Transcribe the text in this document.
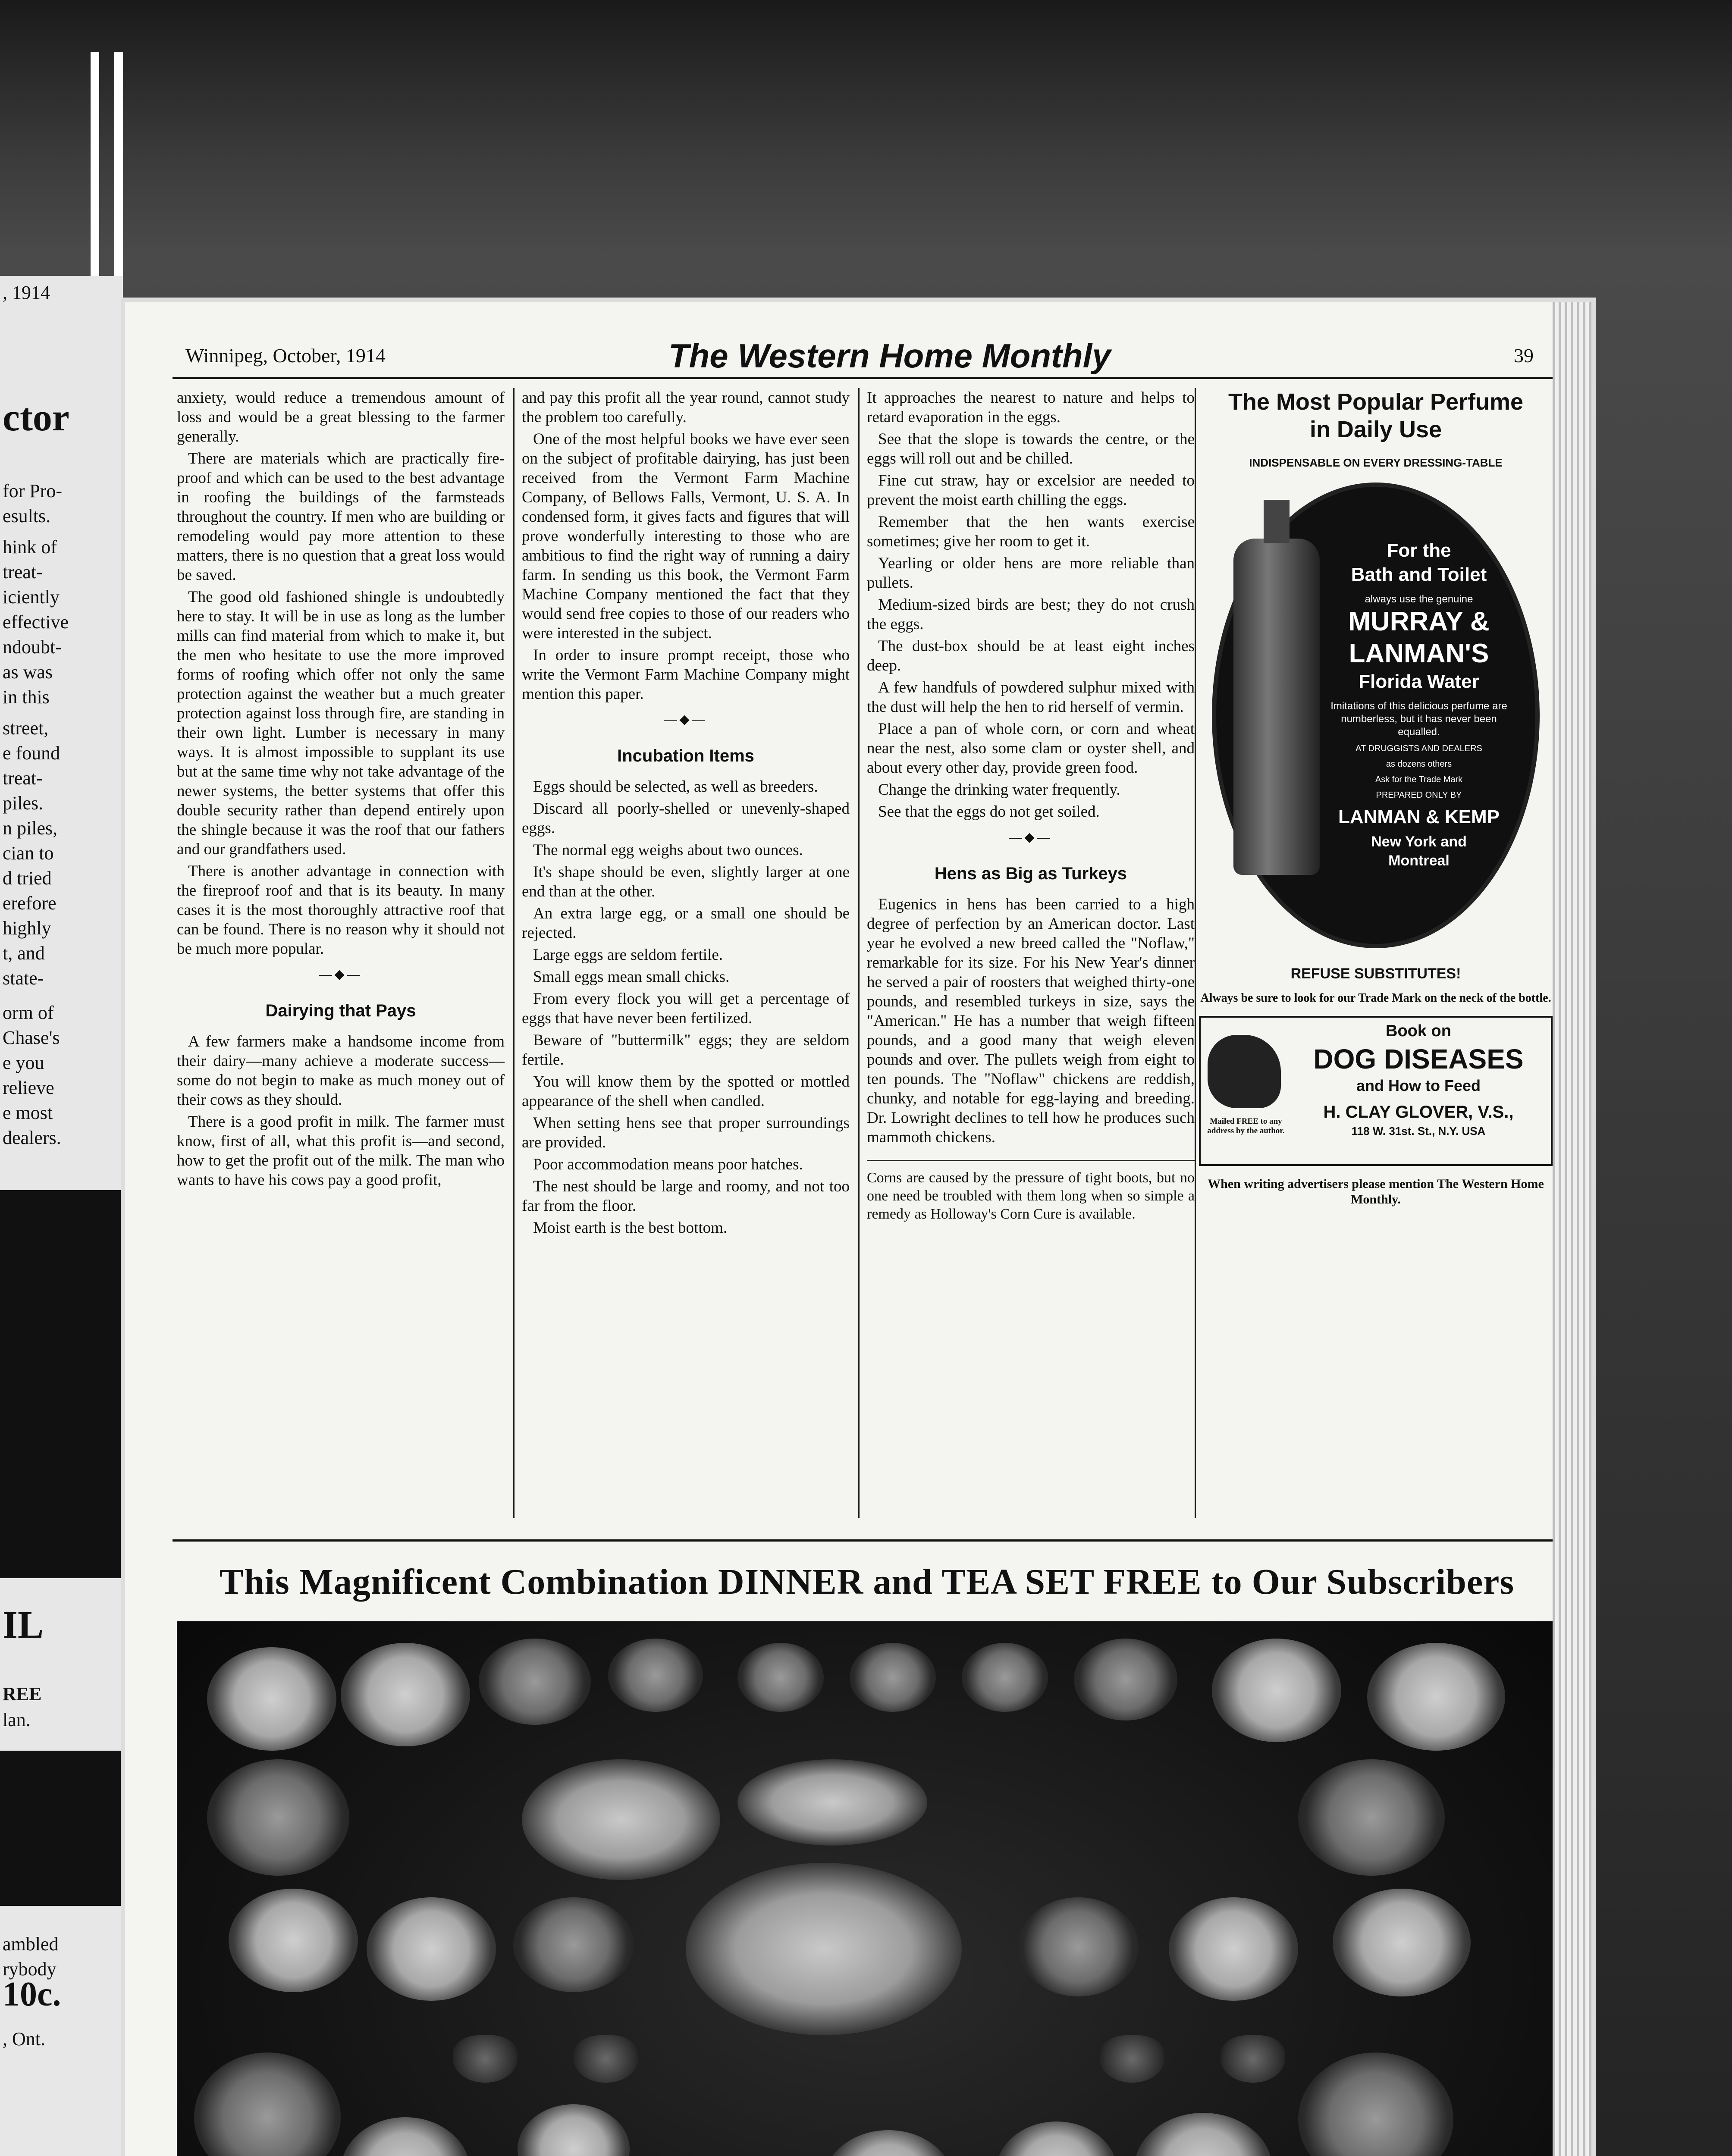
, 1914
ctor
for Pro-
esults.
hink of
treat-
iciently
effective
ndoubt-
as was
in this
street,
e found
treat-
piles.
n piles,
cian to
d tried
erefore
highly
t, and
state-
orm of
Chase's
e you
relieve
e most
dealers.
IL
REE
lan.
ambled
rybody
10c.
, Ont.
Winnipeg, October, 1914	The Western Home Monthly	39

anxiety, would reduce a tremendous amount of loss and would be a great blessing to the farmer generally.

There are materials which are practically fire-proof and which can be used to the best advantage in roofing the buildings of the farmsteads throughout the country. If men who are building or remodeling would pay more attention to these matters, there is no question that a great loss would be saved.

The good old fashioned shingle is undoubtedly here to stay. It will be in use as long as the lumber mills can find material from which to make it, but the men who hesitate to use the more improved forms of roofing which offer not only the same protection against the weather but a much greater protection against loss through fire, are standing in their own light. Lumber is necessary in many ways. It is almost impossible to supplant its use but at the same time why not take advantage of the newer systems, the better systems that offer this double security rather than depend entirely upon the shingle because it was the roof that our fathers and our grandfathers used.

There is another advantage in connection with the fireproof roof and that is its beauty. In many cases it is the most thoroughly attractive roof that can be found. There is no reason why it should not be much more popular.

—◆—
Dairying that Pays

A few farmers make a handsome income from their dairy—many achieve a moderate success—some do not begin to make as much money out of their cows as they should.

There is a good profit in milk. The farmer must know, first of all, what this profit is—and second, how to get the profit out of the milk. The man who wants to have his cows pay a good profit,

and pay this profit all the year round, cannot study the problem too carefully.

One of the most helpful books we have ever seen on the subject of profitable dairying, has just been received from the Vermont Farm Machine Company, of Bellows Falls, Vermont, U. S. A. In condensed form, it gives facts and figures that will prove wonderfully interesting to those who are ambitious to find the right way of running a dairy farm. In sending us this book, the Vermont Farm Machine Company mentioned the fact that they would send free copies to those of our readers who were interested in the subject.

In order to insure prompt receipt, those who write the Vermont Farm Machine Company might mention this paper.

—◆—
Incubation Items

Eggs should be selected, as well as breeders.

Discard all poorly-shelled or unevenly-shaped eggs.

The normal egg weighs about two ounces.

It's shape should be even, slightly larger at one end than at the other.

An extra large egg, or a small one should be rejected.

Large eggs are seldom fertile.

Small eggs mean small chicks.

From every flock you will get a percentage of eggs that have never been fertilized.

Beware of "buttermilk" eggs; they are seldom fertile.

You will know them by the spotted or mottled appearance of the shell when candled.

When setting hens see that proper surroundings are provided.

Poor accommodation means poor hatches.

The nest should be large and roomy, and not too far from the floor.

Moist earth is the best bottom.

It approaches the nearest to nature and helps to retard evaporation in the eggs.

See that the slope is towards the centre, or the eggs will roll out and be chilled.

Fine cut straw, hay or excelsior are needed to prevent the moist earth chilling the eggs.

Remember that the hen wants exercise sometimes; give her room to get it.

Yearling or older hens are more reliable than pullets.

Medium-sized birds are best; they do not crush the eggs.

The dust-box should be at least eight inches deep.

A few handfuls of powdered sulphur mixed with the dust will help the hen to rid herself of vermin.

Place a pan of whole corn, or corn and wheat near the nest, also some clam or oyster shell, and about every other day, provide green food.

Change the drinking water frequently.

See that the eggs do not get soiled.

—◆—
Hens as Big as Turkeys

Eugenics in hens has been carried to a high degree of perfection by an American doctor. Last year he evolved a new breed called the "Noflaw," remarkable for its size. For his New Year's dinner he served a pair of roosters that weighed thirty-one pounds, and resembled turkeys in size, says the "American." He has a number that weigh fifteen pounds, and a good many that weigh eleven pounds and over. The pullets weigh from eight to ten pounds. The "Noflaw" chickens are reddish, chunky, and notable for egg-laying and breeding. Dr. Lowright declines to tell how he produces such mammoth chickens.

Corns are caused by the pressure of tight boots, but no one need be troubled with them long when so simple a remedy as Holloway's Corn Cure is available.
The Most Popular Perfume
in Daily Use
INDISPENSABLE ON EVERY DRESSING-TABLE
For the
Bath and Toilet
always use the genuine
MURRAY &
LANMAN'S
Florida Water
Imitations of this delicious perfume are numberless, but it has never been equalled.
AT DRUGGISTS AND DEALERS
as dozens others
Ask for the Trade Mark
PREPARED ONLY BY
LANMAN & KEMP
New York and
Montreal
REFUSE SUBSTITUTES!
Always be sure to look for our Trade Mark on the neck of the bottle.
Mailed FREE to any address by the author.
Book on
DOG DISEASES
and How to Feed
H. CLAY GLOVER, V.S.,
118 W. 31st. St., N.Y. USA
When writing advertisers please mention The Western Home Monthly.
This Magnificent Combination DINNER and TEA SET FREE to Our Subscribers
